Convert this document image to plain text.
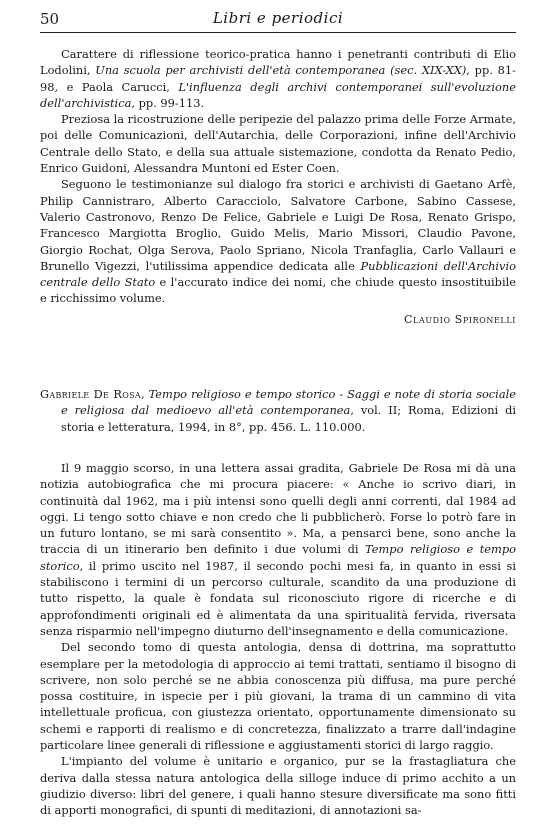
50	Libri e periodici

Carattere di riflessione teorico-pratica hanno i penetranti contributi di Elio Lodolini, Una scuola per archivisti dell'età contemporanea (sec. XIX-XX), pp. 81-98, e Paola Carucci, L'influenza degli archivi contemporanei sull'evoluzione dell'archivistica, pp. 99-113.

Preziosa la ricostruzione delle peripezie del palazzo prima delle Forze Armate, poi delle Comunicazioni, dell'Autarchia, delle Corporazioni, infine dell'Archivio Centrale dello Stato, e della sua attuale sistemazione, condotta da Renato Pedio, Enrico Guidoni, Alessandra Muntoni ed Ester Coen.

Seguono le testimonianze sul dialogo fra storici e archivisti di Gaetano Arfè, Philip Cannistraro, Alberto Caracciolo, Salvatore Carbone, Sabino Cassese, Valerio Castronovo, Renzo De Felice, Gabriele e Luigi De Rosa, Renato Grispo, Francesco Margiotta Broglio, Guido Melis, Mario Missori, Claudio Pavone, Giorgio Rochat, Olga Serova, Paolo Spriano, Nicola Tranfaglia, Carlo Vallauri e Brunello Vigezzi, l'utilissima appendice dedicata alle Pubblicazioni dell'Archivio centrale dello Stato e l'accurato indice dei nomi, che chiude questo insostituibile e ricchissimo volume.

Claudio Spironelli
Gabriele De Rosa, Tempo religioso e tempo storico - Saggi e note di storia sociale e religiosa dal medioevo all'età contemporanea, vol. II; Roma, Edizioni di storia e letteratura, 1994, in 8°, pp. 456. L. 110.000.

Il 9 maggio scorso, in una lettera assai gradita, Gabriele De Rosa mi dà una notizia autobiografica che mi procura piacere: « Anche io scrivo diari, in continuità dal 1962, ma i più intensi sono quelli degli anni correnti, dal 1984 ad oggi. Li tengo sotto chiave e non credo che li pubblicherò. Forse lo potrò fare in un futuro lontano, se mi sarà consentito ». Ma, a pensarci bene, sono anche la traccia di un itinerario ben definito i due volumi di Tempo religioso e tempo storico, il primo uscito nel 1987, il secondo pochi mesi fa, in quanto in essi si stabiliscono i termini di un percorso culturale, scandito da una produzione di tutto rispetto, la quale è fondata sul riconosciuto rigore di ricerche e di approfondimenti originali ed è alimentata da una spiritualità fervida, riversata senza risparmio nell'impegno diuturno dell'insegnamento e della comunicazione.

Del secondo tomo di questa antologia, densa di dottrina, ma soprattutto esemplare per la metodologia di approccio ai temi trattati, sentiamo il bisogno di scrivere, non solo perché se ne abbia conoscenza più diffusa, ma pure perché possa costituire, in ispecie per i più giovani, la trama di un cammino di vita intellettuale proficua, con giustezza orientato, opportunamente dimensionato su schemi e rapporti di realismo e di concretezza, finalizzato a trarre dall'indagine particolare linee generali di riflessione e aggiustamenti storici di largo raggio.

L'impianto del volume è unitario e organico, pur se la frastagliatura che deriva dalla stessa natura antologica della silloge induce di primo acchito a un giudizio diverso: libri del genere, i quali hanno stesure diversificate ma sono fitti di apporti monografici, di spunti di meditazioni, di annotazioni sa-
